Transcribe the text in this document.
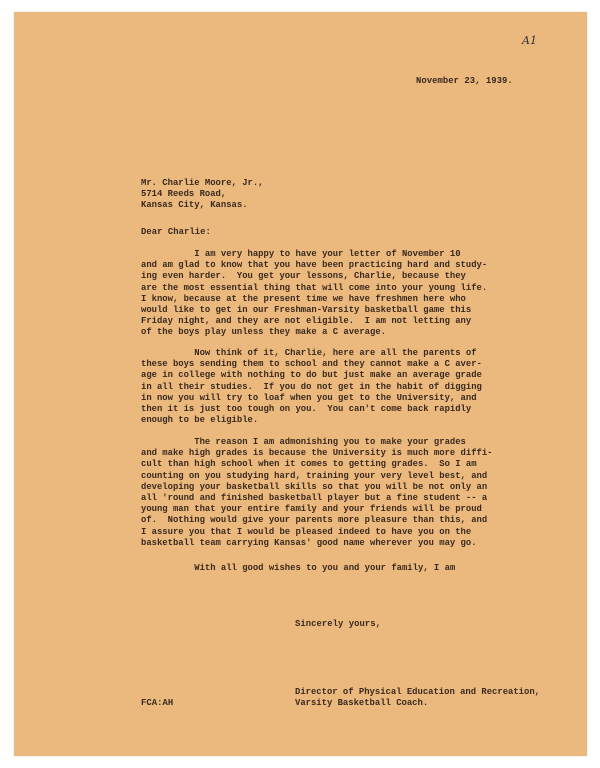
A1
November 23, 1939.
Mr. Charlie Moore, Jr.,
5714 Reeds Road,
Kansas City, Kansas.
Dear Charlie:
I am very happy to have your letter of November 10
and am glad to know that you have been practicing hard and study-
ing even harder.  You get your lessons, Charlie, because they
are the most essential thing that will come into your young life.
I know, because at the present time we have freshmen here who
would like to get in our Freshman-Varsity basketball game this
Friday night, and they are not eligible.  I am not letting any
of the boys play unless they make a C average.
Now think of it, Charlie, here are all the parents of
these boys sending them to school and they cannot make a C aver-
age in college with nothing to do but just make an average grade
in all their studies.  If you do not get in the habit of digging
in now you will try to loaf when you get to the University, and
then it is just too tough on you.  You can't come back rapidly
enough to be eligible.
The reason I am admonishing you to make your grades
and make high grades is because the University is much more diffi-
cult than high school when it comes to getting grades.  So I am
counting on you studying hard, training your very level best, and
developing your basketball skills so that you will be not only an
all 'round and finished basketball player but a fine student -- a
young man that your entire family and your friends will be proud
of.  Nothing would give your parents more pleasure than this, and
I assure you that I would be pleased indeed to have you on the
basketball team carrying Kansas' good name wherever you may go.
With all good wishes to you and your family, I am
Sincerely yours,
FCA:AH
Director of Physical Education and Recreation,
Varsity Basketball Coach.
